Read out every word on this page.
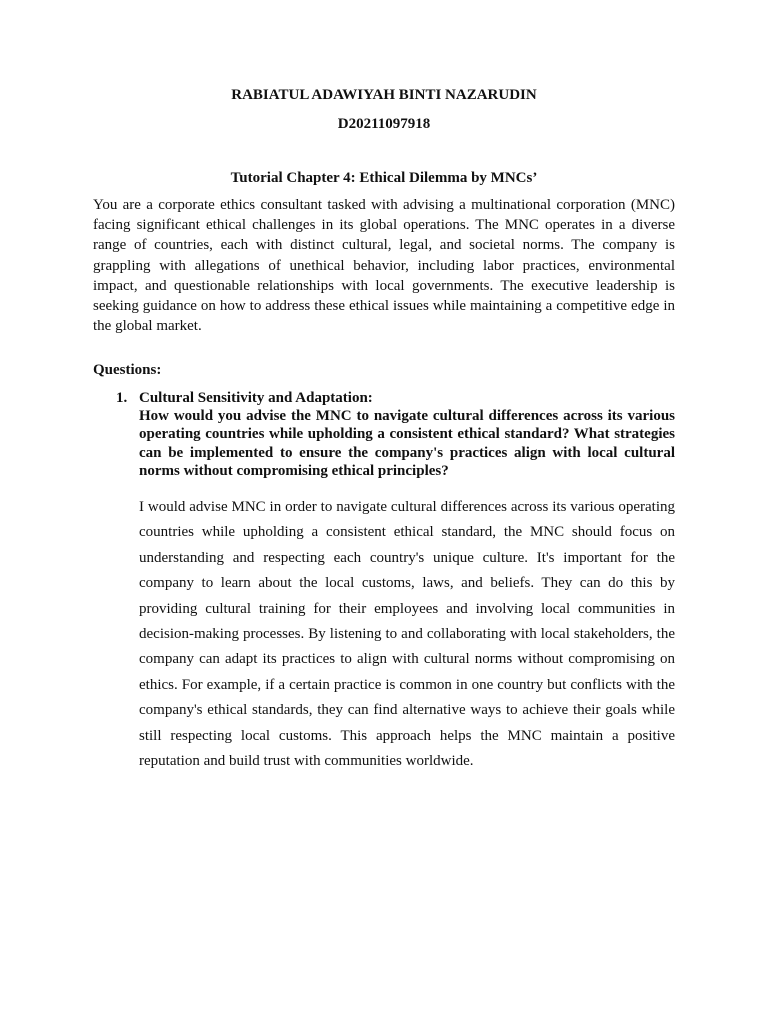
RABIATUL ADAWIYAH BINTI NAZARUDIN
D20211097918
Tutorial Chapter 4: Ethical Dilemma by MNCs’

You are a corporate ethics consultant tasked with advising a multinational corporation (MNC) facing significant ethical challenges in its global operations. The MNC operates in a diverse range of countries, each with distinct cultural, legal, and societal norms. The company is grappling with allegations of unethical behavior, including labor practices, environmental impact, and questionable relationships with local governments. The executive leadership is seeking guidance on how to address these ethical issues while maintaining a competitive edge in the global market.

Questions:
1. Cultural Sensitivity and Adaptation:

How would you advise the MNC to navigate cultural differences across its various operating countries while upholding a consistent ethical standard? What strategies can be implemented to ensure the company's practices align with local cultural norms without compromising ethical principles?

I would advise MNC in order to navigate cultural differences across its various operating countries while upholding a consistent ethical standard, the MNC should focus on understanding and respecting each country's unique culture. It's important for the company to learn about the local customs, laws, and beliefs. They can do this by providing cultural training for their employees and involving local communities in decision-making processes. By listening to and collaborating with local stakeholders, the company can adapt its practices to align with cultural norms without compromising on ethics. For example, if a certain practice is common in one country but conflicts with the company's ethical standards, they can find alternative ways to achieve their goals while still respecting local customs. This approach helps the MNC maintain a positive reputation and build trust with communities worldwide.
